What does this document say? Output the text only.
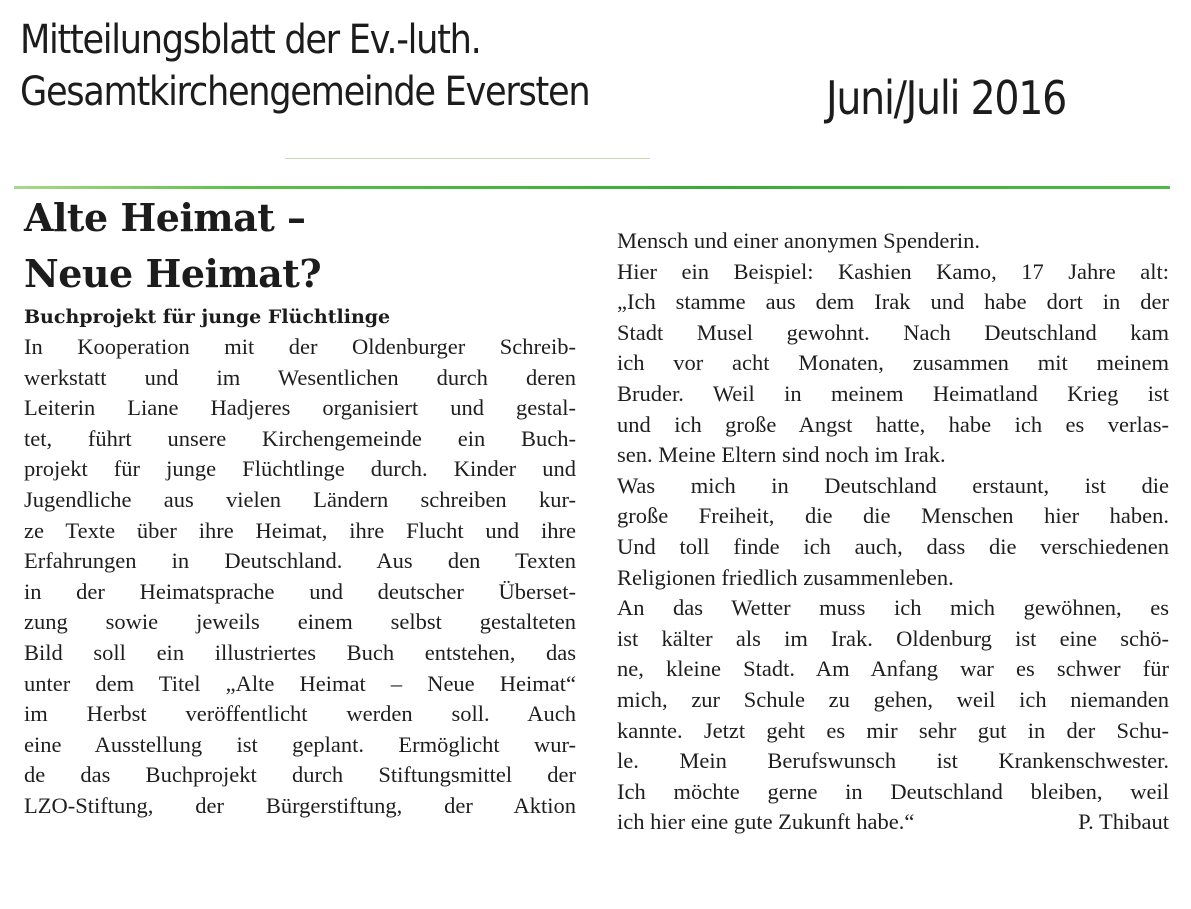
Mitteilungsblatt der Ev.-luth.
Gesamtkirchengemeinde Eversten	Juni/Juli 2016
Alte Heimat –
Neue Heimat?
Buchprojekt für junge Flüchtlinge

In Kooperation mit der Oldenburger Schreib-
werkstatt und im Wesentlichen durch deren
Leiterin Liane Hadjeres organisiert und gestal-
tet, führt unsere Kirchengemeinde ein Buch-
projekt für junge Flüchtlinge durch. Kinder und
Jugendliche aus vielen Ländern schreiben kur-
ze Texte über ihre Heimat, ihre Flucht und ihre
Erfahrungen in Deutschland. Aus den Texten
in der Heimatsprache und deutscher Überset-
zung sowie jeweils einem selbst gestalteten
Bild soll ein illustriertes Buch entstehen, das
unter dem Titel „Alte Heimat – Neue Heimat“
im Herbst veröffentlicht werden soll. Auch
eine Ausstellung ist geplant. Ermöglicht wur-
de das Buchprojekt durch Stiftungsmittel der
LZO-Stiftung, der Bürgerstiftung, der Aktion

Mensch und einer anonymen Spenderin.
Hier ein Beispiel: Kashien Kamo, 17 Jahre alt:
„Ich stamme aus dem Irak und habe dort in der
Stadt Musel gewohnt. Nach Deutschland kam
ich vor acht Monaten, zusammen mit meinem
Bruder. Weil in meinem Heimatland Krieg ist
und ich große Angst hatte, habe ich es verlas-
sen. Meine Eltern sind noch im Irak.
Was mich in Deutschland erstaunt, ist die
große Freiheit, die die Menschen hier haben.
Und toll finde ich auch, dass die verschiedenen
Religionen friedlich zusammenleben.
An das Wetter muss ich mich gewöhnen, es
ist kälter als im Irak. Oldenburg ist eine schö-
ne, kleine Stadt. Am Anfang war es schwer für
mich, zur Schule zu gehen, weil ich niemanden
kannte. Jetzt geht es mir sehr gut in der Schu-
le. Mein Berufswunsch ist Krankenschwester.
Ich möchte gerne in Deutschland bleiben, weil
ich hier eine gute Zukunft habe.“	P. Thibaut
